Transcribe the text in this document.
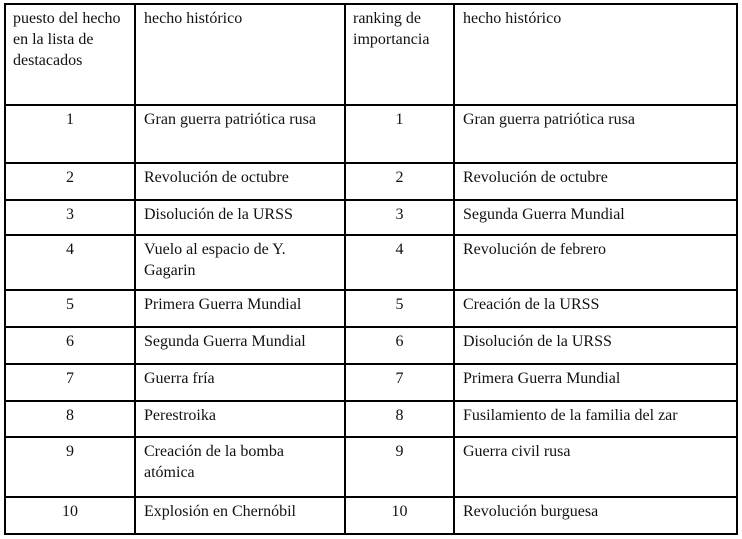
puesto del hecho en la lista de destacados	hecho histórico	ranking de importancia	hecho histórico
1	Gran guerra patriótica rusa	1	Gran guerra patriótica rusa
2	Revolución de octubre	2	Revolución de octubre
3	Disolución de la URSS	3	Segunda Guerra Mundial
4	Vuelo al espacio de Y. Gagarin	4	Revolución de febrero
5	Primera Guerra Mundial	5	Creación de la URSS
6	Segunda Guerra Mundial	6	Disolución de la URSS
7	Guerra fría	7	Primera Guerra Mundial
8	Perestroika	8	Fusilamiento de la familia del zar
9	Creación de la bomba atómica	9	Guerra civil rusa
10	Explosión en Chernóbil	10	Revolución burguesa
